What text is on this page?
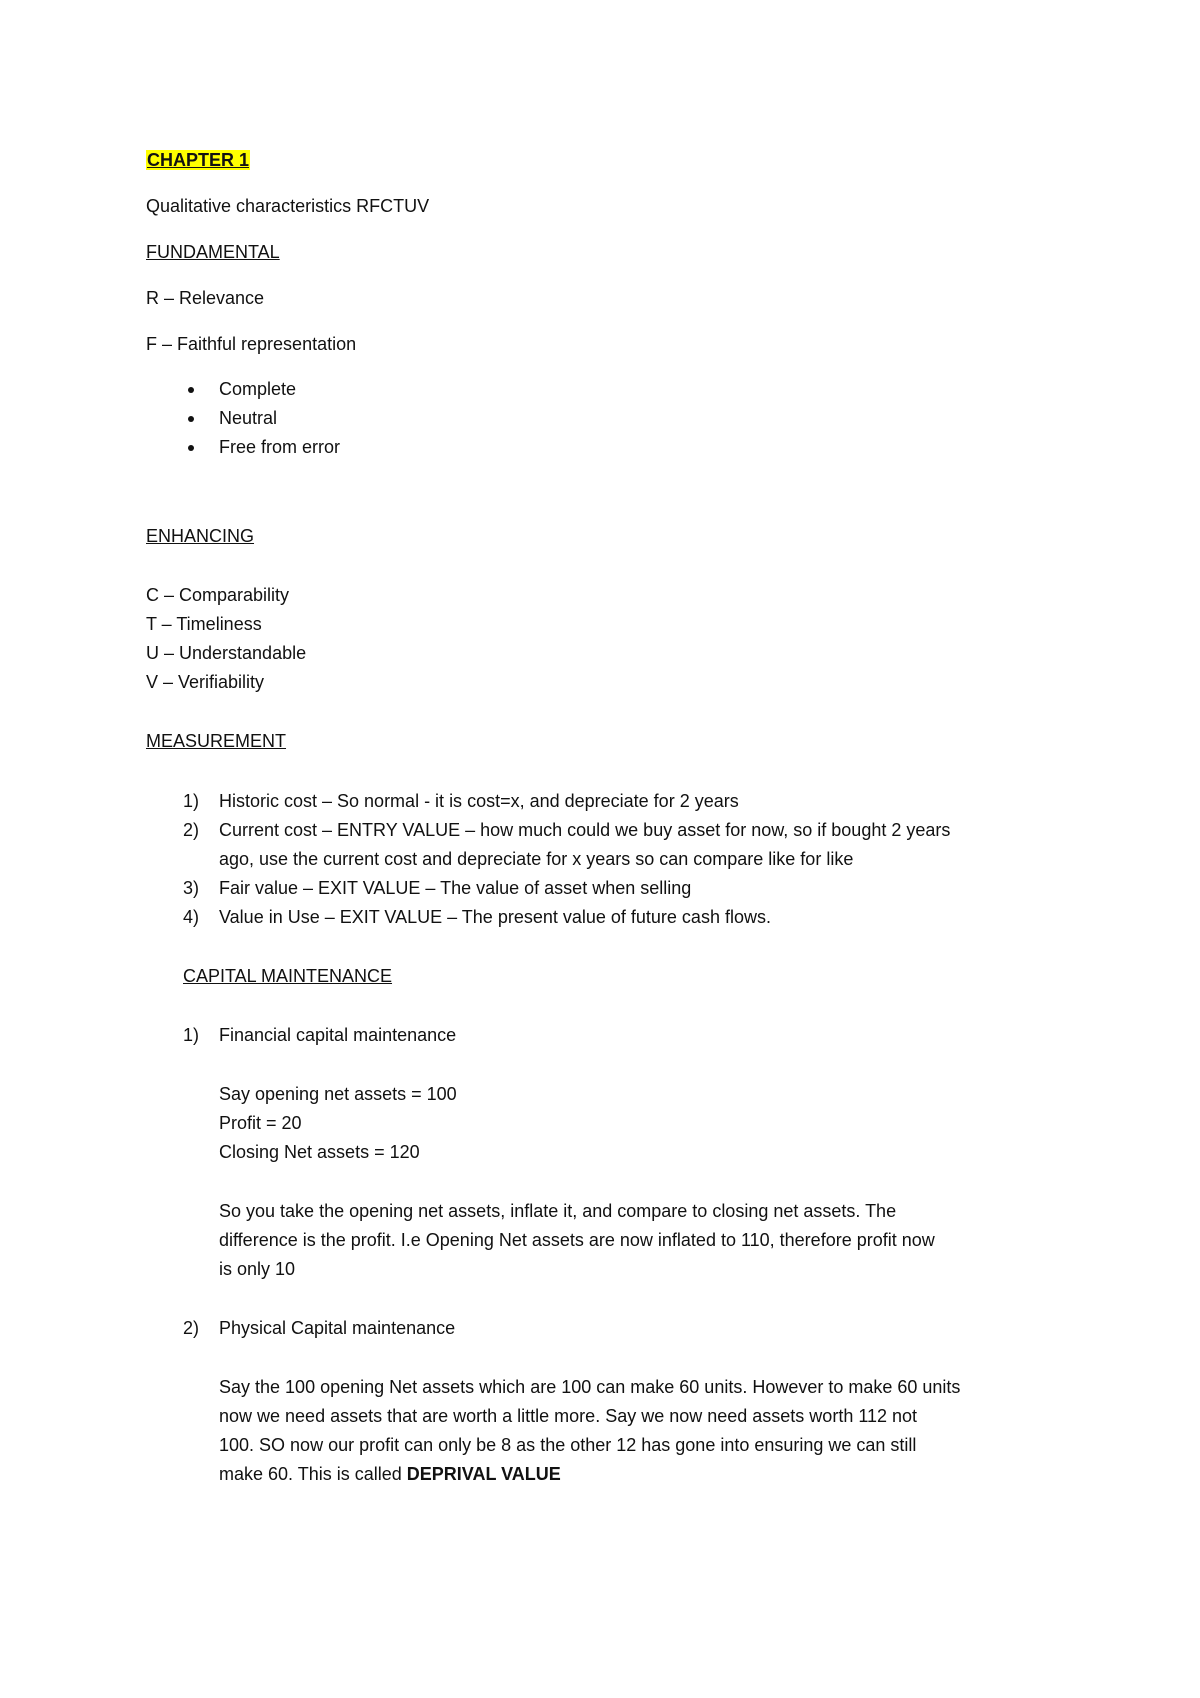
CHAPTER 1
Qualitative characteristics RFCTUV
FUNDAMENTAL
R – Relevance
F – Faithful representation
Complete
Neutral
Free from error
ENHANCING
C – Comparability
T – Timeliness
U – Understandable
V – Verifiability
MEASUREMENT
1) Historic cost – So normal - it is cost=x, and depreciate for 2 years
2) Current cost – ENTRY VALUE – how much could we buy asset for now, so if bought 2 years
ago, use the current cost and depreciate for x years so can compare like for like
3) Fair value – EXIT VALUE – The value of asset when selling
4) Value in Use – EXIT VALUE – The present value of future cash flows.
CAPITAL MAINTENANCE
1) Financial capital maintenance
Say opening net assets = 100
Profit = 20
Closing Net assets = 120
So you take the opening net assets, inflate it, and compare to closing net assets. The
difference is the profit. I.e Opening Net assets are now inflated to 110, therefore profit now
is only 10
2) Physical Capital maintenance
Say the 100 opening Net assets which are 100 can make 60 units. However to make 60 units
now we need assets that are worth a little more. Say we now need assets worth 112 not
100. SO now our profit can only be 8 as the other 12 has gone into ensuring we can still
make 60. This is called DEPRIVAL VALUE
